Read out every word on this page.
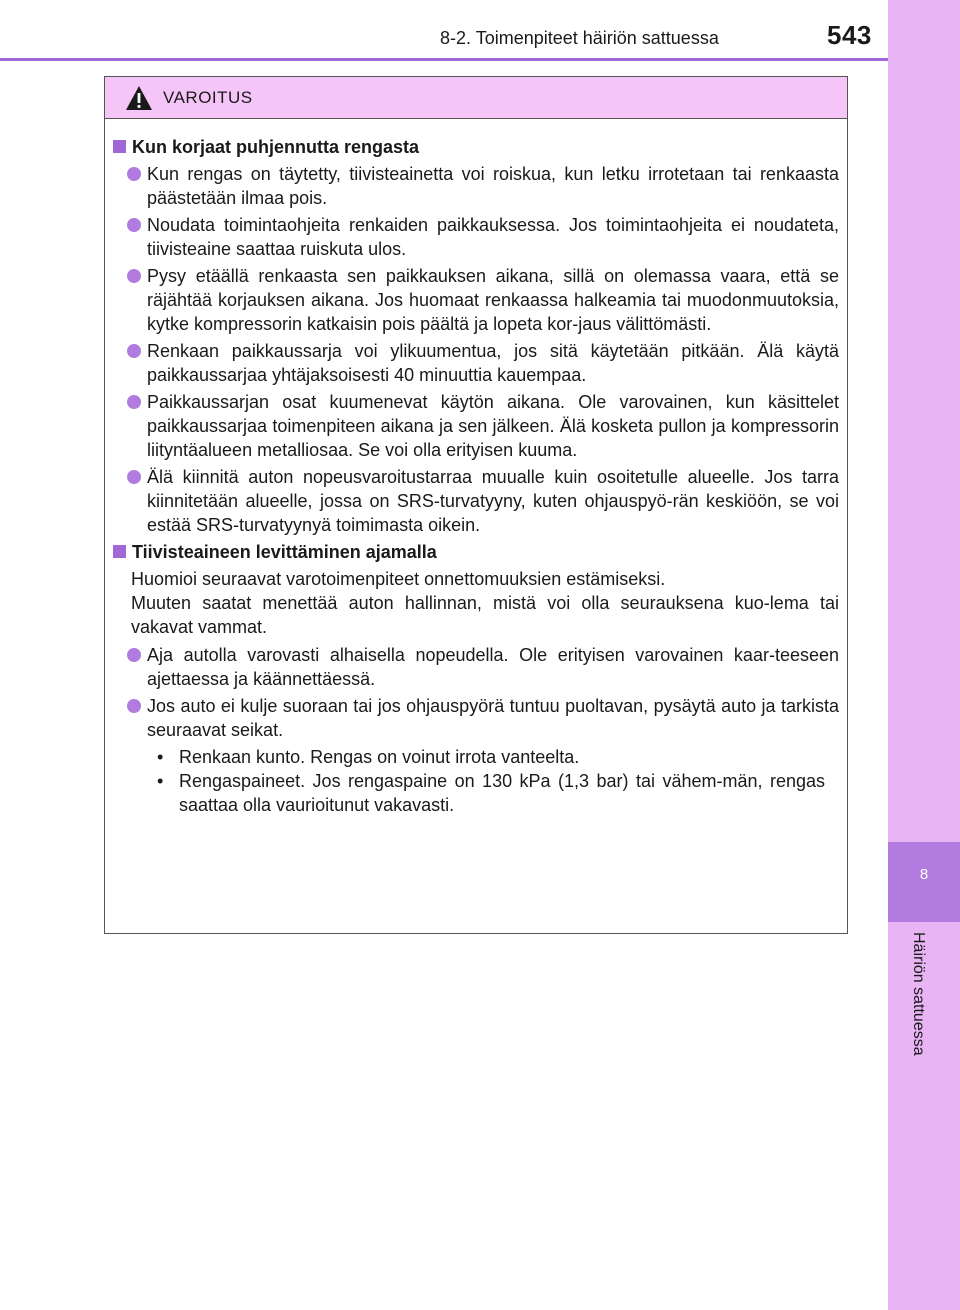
8-2. Toimenpiteet häiriön sattuessa	543
8
Häiriön sattuessa
VAROITUS
Kun korjaat puhjennutta rengasta
Kun rengas on täytetty, tiivisteainetta voi roiskua, kun letku irrotetaan tai renkaasta päästetään ilmaa pois.
Noudata toimintaohjeita renkaiden paikkauksessa. Jos toimintaohjeita ei noudateta, tiivisteaine saattaa ruiskuta ulos.
Pysy etäällä renkaasta sen paikkauksen aikana, sillä on olemassa vaara, että se räjähtää korjauksen aikana. Jos huomaat renkaassa halkeamia tai muodonmuutoksia, kytke kompressorin katkaisin pois päältä ja lopeta kor-jaus välittömästi.
Renkaan paikkaussarja voi ylikuumentua, jos sitä käytetään pitkään. Älä käytä paikkaussarjaa yhtäjaksoisesti 40 minuuttia kauempaa.
Paikkaussarjan osat kuumenevat käytön aikana. Ole varovainen, kun käsittelet paikkaussarjaa toimenpiteen aikana ja sen jälkeen. Älä kosketa pullon ja kompressorin liityntäalueen metalliosaa. Se voi olla erityisen kuuma.
Älä kiinnitä auton nopeusvaroitustarraa muualle kuin osoitetulle alueelle. Jos tarra kiinnitetään alueelle, jossa on SRS-turvatyyny, kuten ohjauspyö-rän keskiöön, se voi estää SRS-turvatyynyä toimimasta oikein.
Tiivisteaineen levittäminen ajamalla
Huomioi seuraavat varotoimenpiteet onnettomuuksien estämiseksi.
Muuten saatat menettää auton hallinnan, mistä voi olla seurauksena kuo-lema tai vakavat vammat.
Aja autolla varovasti alhaisella nopeudella. Ole erityisen varovainen kaar-teeseen ajettaessa ja käännettäessä.
Jos auto ei kulje suoraan tai jos ohjauspyörä tuntuu puoltavan, pysäytä auto ja tarkista seuraavat seikat.
• Renkaan kunto. Rengas on voinut irrota vanteelta.
• Rengaspaineet. Jos rengaspaine on 130 kPa (1,3 bar) tai vähem-män, rengas saattaa olla vaurioitunut vakavasti.
